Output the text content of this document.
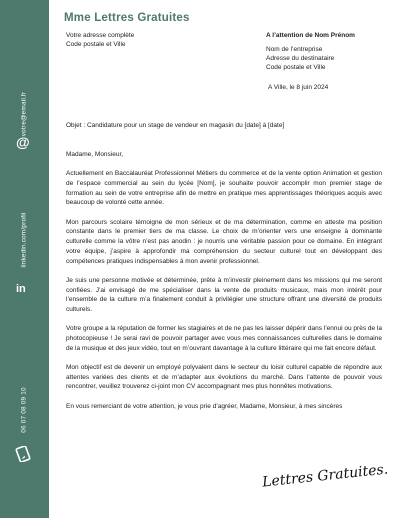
votre@email.fr
@
linkedin.com/profil
in
06 07 08 09 10
Mme Lettres Gratuites
Votre adresse complète
Code postale et Ville
A l’attention de Nom Prénom
Nom de l’entreprise
Adresse du destinataire
Code postale et Ville
A Ville, le 8 juin 2024
Objet : Candidature pour un stage de vendeur en magasin du [date] à [date]

Madame, Monsieur,

Actuellement en Baccalauréat Professionnel Métiers du commerce et de la vente option Animation et gestion de l’espace commercial au sein du lycée [Nom], je souhaite pouvoir accomplir mon premier stage de formation au sein de votre entreprise afin de mettre en pratique mes apprentissages théoriques acquis avec beaucoup de volonté cette année.

Mon parcours scolaire témoigne de mon sérieux et de ma détermination, comme en atteste ma position constante dans le premier tiers de ma classe. Le choix de m’orienter vers une enseigne à dominante culturelle comme la vôtre n’est pas anodin : je nourris une véritable passion pour ce domaine. En intégrant votre équipe, j’aspire à approfondir ma compréhension du secteur culturel tout en développant des compétences pratiques indispensables à mon avenir professionnel.

Je suis une personne motivée et déterminée, prête à m’investir pleinement dans les missions qui me seront confiées. J’ai envisagé de me spécialiser dans la vente de produits musicaux, mais mon intérêt pour l’ensemble de la culture m’a finalement conduit à privilégier une structure offrant une diversité de produits culturels.

Votre groupe a la réputation de former les stagiaires et de ne pas les laisser dépérir dans l’ennui ou près de la photocopieuse ! Je serai ravi de pouvoir partager avec vous mes connaissances culturelles dans le domaine de la musique et des jeux vidéo, tout en m’ouvrant davantage à la culture littéraire qui me fait encore défaut.

Mon objectif est de devenir un employé polyvalent dans le secteur du loisir culturel capable de répondre aux attentes variées des clients et de m’adapter aux évolutions du marché. Dans l’attente de pouvoir vous rencontrer, veuillez trouverez ci-joint mon CV accompagnant mes plus honnêtes motivations.

En vous remerciant de votre attention, je vous prie d’agréer, Madame, Monsieur, à mes sincères

Lettres Gratuites.
